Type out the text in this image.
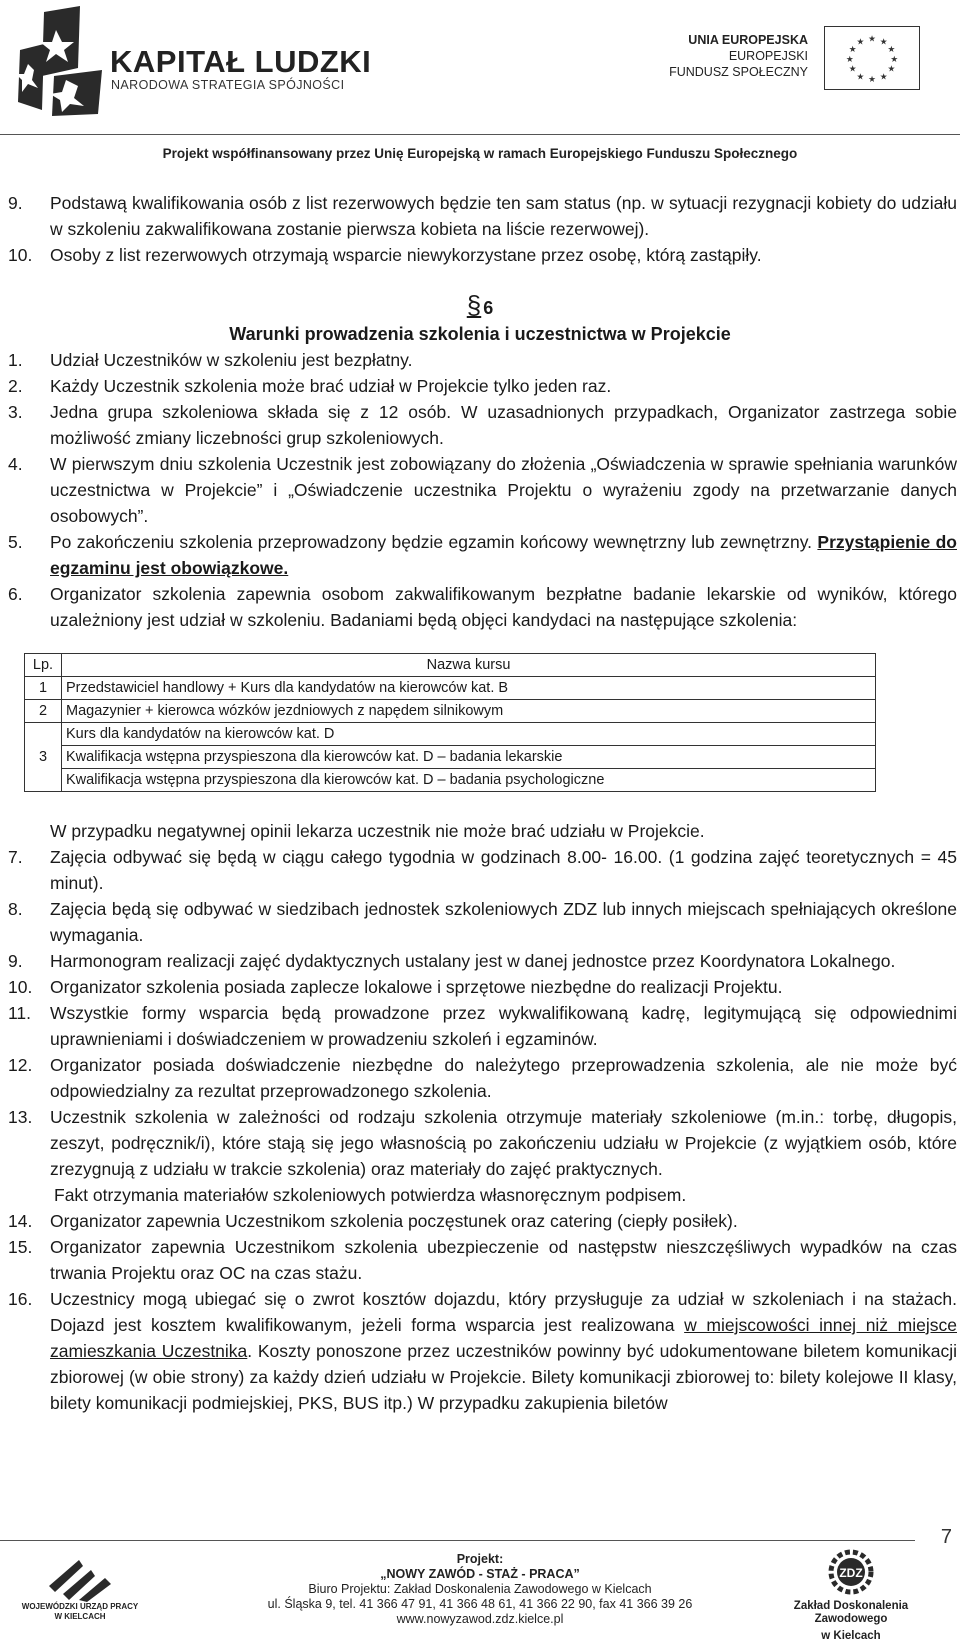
KAPITAŁ LUDZKI
NARODOWA STRATEGIA SPÓJNOŚCI
UNIA EUROPEJSKA
EUROPEJSKI
FUNDUSZ SPOŁECZNY
★ ★
★
★
★
★
★
★
★
★
★
★
Projekt współfinansowany przez Unię Europejską w ramach Europejskiego Funduszu Społecznego
9.	Podstawą kwalifikowania osób z list rezerwowych będzie ten sam status (np. w sytuacji rezygnacji kobiety do udziału w szkoleniu zakwalifikowana zostanie pierwsza kobieta na liście rezerwowej).
10.	Osoby z list rezerwowych otrzymają wsparcie niewykorzystane przez osobę, którą zastąpiły.
§ 6
Warunki prowadzenia szkolenia i uczestnictwa w Projekcie
1.	Udział Uczestników w szkoleniu jest bezpłatny.
2.	Każdy Uczestnik szkolenia może brać udział w Projekcie tylko jeden raz.
3.	Jedna grupa szkoleniowa składa się z 12 osób. W uzasadnionych przypadkach, Organizator zastrzega sobie możliwość zmiany liczebności grup szkoleniowych.
4.	W pierwszym dniu szkolenia Uczestnik jest zobowiązany do złożenia „Oświadczenia w sprawie spełniania warunków uczestnictwa w Projekcie” i „Oświadczenie uczestnika Projektu o wyrażeniu zgody na przetwarzanie danych osobowych”.
5.	Po zakończeniu szkolenia przeprowadzony będzie egzamin końcowy wewnętrzny lub zewnętrzny. Przystąpienie do egzaminu jest obowiązkowe.
6.	Organizator szkolenia zapewnia osobom zakwalifikowanym bezpłatne badanie lekarskie od wyników, którego uzależniony jest udział w szkoleniu. Badaniami będą objęci kandydaci na następujące szkolenia:
Lp.	Nazwa kursu
1	Przedstawiciel handlowy + Kurs dla kandydatów na kierowców kat. B
2	Magazynier + kierowca wózków jezdniowych z napędem silnikowym
3	Kurs dla kandydatów na kierowców kat. D
	Kwalifikacja wstępna przyspieszona dla kierowców kat. D – badania lekarskie
	Kwalifikacja wstępna przyspieszona dla kierowców kat. D – badania psychologiczne
W przypadku negatywnej opinii lekarza uczestnik nie może brać udziału w Projekcie.
7.	Zajęcia odbywać się będą w ciągu całego tygodnia w godzinach 8.00- 16.00. (1 godzina zajęć teoretycznych = 45 minut).
8.	Zajęcia będą się odbywać w siedzibach jednostek szkoleniowych ZDZ lub innych miejscach spełniających określone wymagania.
9.	Harmonogram realizacji zajęć dydaktycznych ustalany jest w danej jednostce przez Koordynatora Lokalnego.
10.	Organizator szkolenia posiada zaplecze lokalowe i sprzętowe niezbędne do realizacji Projektu.
11.	Wszystkie formy wsparcia będą prowadzone przez wykwalifikowaną kadrę, legitymującą się odpowiednimi uprawnieniami i doświadczeniem w prowadzeniu szkoleń i egzaminów.
12.	Organizator posiada doświadczenie niezbędne do należytego przeprowadzenia szkolenia, ale nie może być odpowiedzialny za rezultat przeprowadzonego szkolenia.
13.	Uczestnik szkolenia w zależności od rodzaju szkolenia otrzymuje materiały szkoleniowe (m.in.: torbę, długopis, zeszyt, podręcznik/i), które stają się jego własnością po zakończeniu udziału w Projekcie (z wyjątkiem osób, które zrezygnują z udziału w trakcie szkolenia) oraz materiały do zajęć praktycznych.
Fakt otrzymania materiałów szkoleniowych potwierdza własnoręcznym podpisem.
14.	Organizator zapewnia Uczestnikom szkolenia poczęstunek oraz catering (ciepły posiłek).
15.	Organizator zapewnia Uczestnikom szkolenia ubezpieczenie od następstw nieszczęśliwych wypadków na czas trwania Projektu oraz OC na czas stażu.
16.	Uczestnicy mogą ubiegać się o zwrot kosztów dojazdu, który przysługuje za udział w szkoleniach i na stażach. Dojazd jest kosztem kwalifikowanym, jeżeli forma wsparcia jest realizowana w miejscowości innej niż miejsce zamieszkania Uczestnika. Koszty ponoszone przez uczestników powinny być udokumentowane biletem komunikacji zbiorowej (w obie strony) za każdy dzień udziału w Projekcie. Bilety komunikacji zbiorowej to: bilety kolejowe II klasy, bilety komunikacji podmiejskiej, PKS, BUS itp.) W przypadku zakupienia biletów
7
WOJEWÓDZKI URZĄD PRACY
W KIELCACH
Projekt:
„NOWY ZAWÓD - STAŻ - PRACA”
Biuro Projektu: Zakład Doskonalenia Zawodowego w Kielcach
ul. Śląska 9, tel. 41 366 47 91, 41 366 48 61, 41 366 22 90, fax 41 366 39 26
www.nowyzawod.zdz.kielce.pl
ZDZ
Zakład Doskonalenia Zawodowego
w Kielcach
